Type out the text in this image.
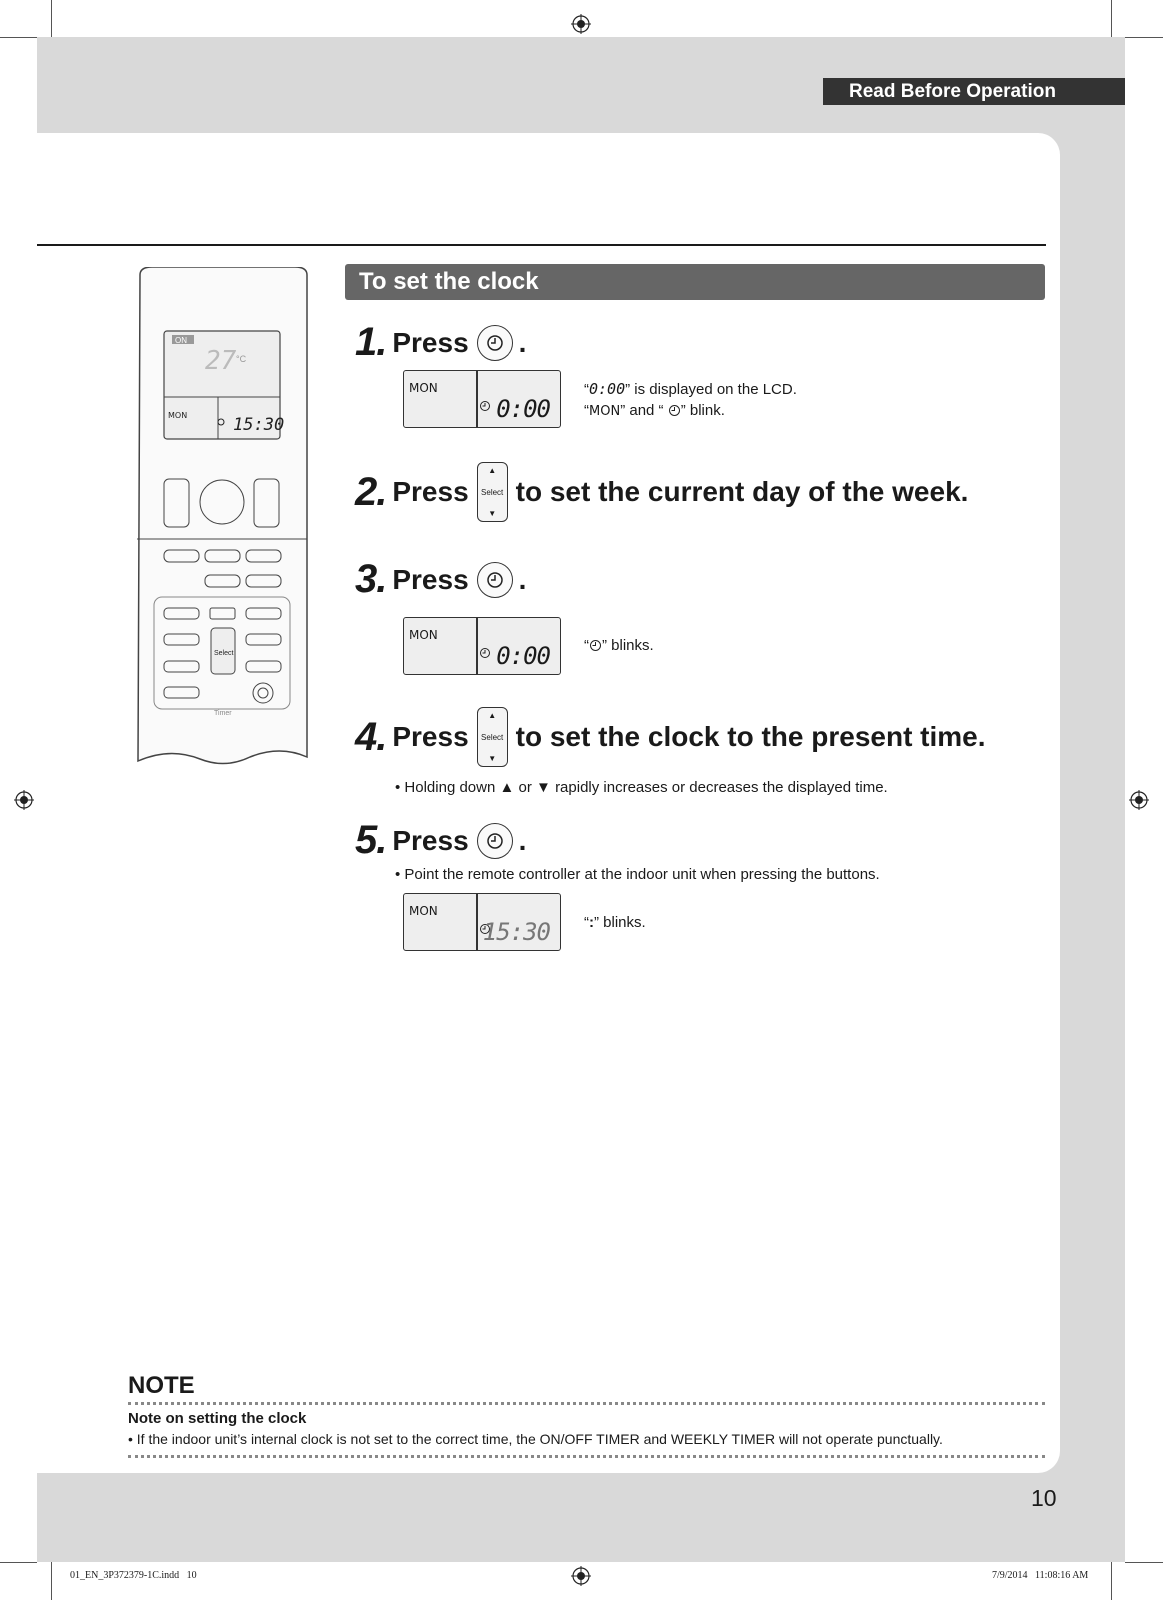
Read Before Operation
To set the clock
ON
27 °C
MON	15:30
Select
Timer
1. Press .
MON
0:00
“0:00” is displayed on the LCD.
“MON” and “ ” blink.
2. Press
▲
Select
▼
to set the current day of the week.
3. Press .
MON
0:00 “ ” blinks.
4. Press
▲
Select
▼
to set the clock to the present time.
• Holding down ▲ or ▼ rapidly increases or decreases the displayed time.
5. Press .
• Point the remote controller at the indoor unit when pressing the buttons.
MON
15:30 “:” blinks.
NOTE
Note on setting the clock
• If the indoor unit’s internal clock is not set to the correct time, the ON/OFF TIMER and WEEKLY TIMER will not operate punctually.
10
01_EN_3P372379-1C.indd   10	7/9/2014   11:08:16 AM
